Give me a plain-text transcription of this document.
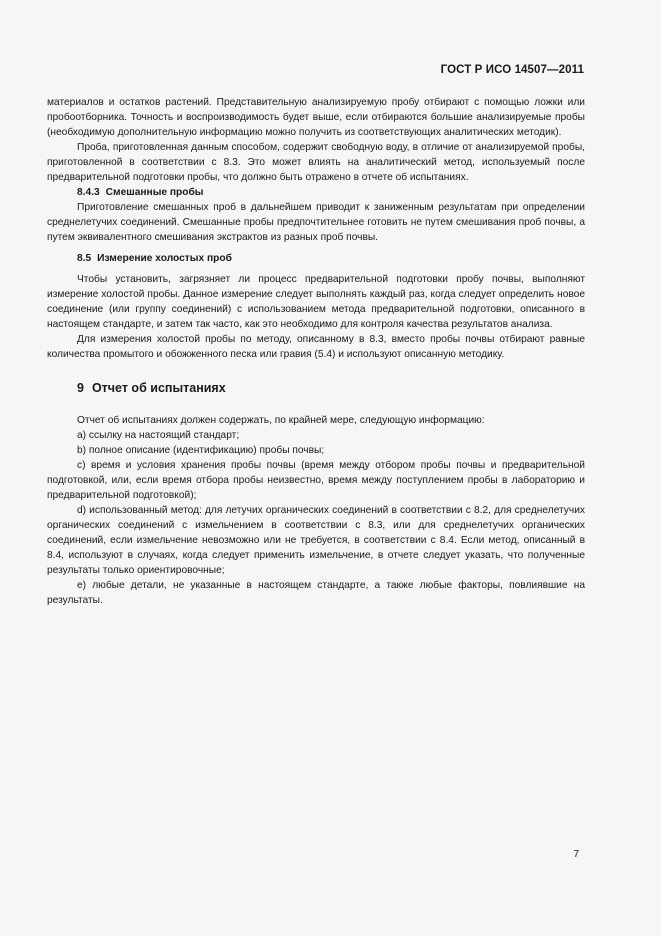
ГОСТ Р ИСО 14507—2011

материалов и остатков растений. Представительную анализируемую пробу отбирают с помощью ложки или пробоотборника. Точность и воспроизводимость будет выше, если отбираются большие анализируемые пробы (необходимую дополнительную информацию можно получить из соответствующих аналитических методик).

Проба, приготовленная данным способом, содержит свободную воду, в отличие от анализируемой пробы, приготовленной в соответствии с 8.3. Это может влиять на аналитический метод, используемый после предварительной подготовки пробы, что должно быть отражено в отчете об испытаниях.

8.4.3 Смешанные пробы

Приготовление смешанных проб в дальнейшем приводит к заниженным результатам при определении среднелетучих соединений. Смешанные пробы предпочтительнее готовить не путем смешивания проб почвы, а путем эквивалентного смешивания экстрактов из разных проб почвы.

8.5 Измерение холостых проб

Чтобы установить, загрязняет ли процесс предварительной подготовки пробу почвы, выполняют измерение холостой пробы. Данное измерение следует выполнять каждый раз, когда следует определить новое соединение (или группу соединений) с использованием метода предварительной подготовки, описанного в настоящем стандарте, и затем так часто, как это необходимо для контроля качества результатов анализа.

Для измерения холостой пробы по методу, описанному в 8.3, вместо пробы почвы отбирают равные количества промытого и обожженного песка или гравия (5.4) и используют описанную методику.

9 Отчет об испытаниях

Отчет об испытаниях должен содержать, по крайней мере, следующую информацию:

a) ссылку на настоящий стандарт;

b) полное описание (идентификацию) пробы почвы;

c) время и условия хранения пробы почвы (время между отбором пробы почвы и предварительной подготовкой, или, если время отбора пробы неизвестно, время между поступлением пробы в лабораторию и предварительной подготовкой);

d) использованный метод: для летучих органических соединений в соответствии с 8.2, для среднелетучих органических соединений с измельчением в соответствии с 8.3, или для среднелетучих органических соединений, если измельчение невозможно или не требуется, в соответствии с 8.4. Если метод, описанный в 8.4, используют в случаях, когда следует применить измельчение, в отчете следует указать, что полученные результаты только ориентировочные;

e) любые детали, не указанные в настоящем стандарте, а также любые факторы, повлиявшие на результаты.

7
